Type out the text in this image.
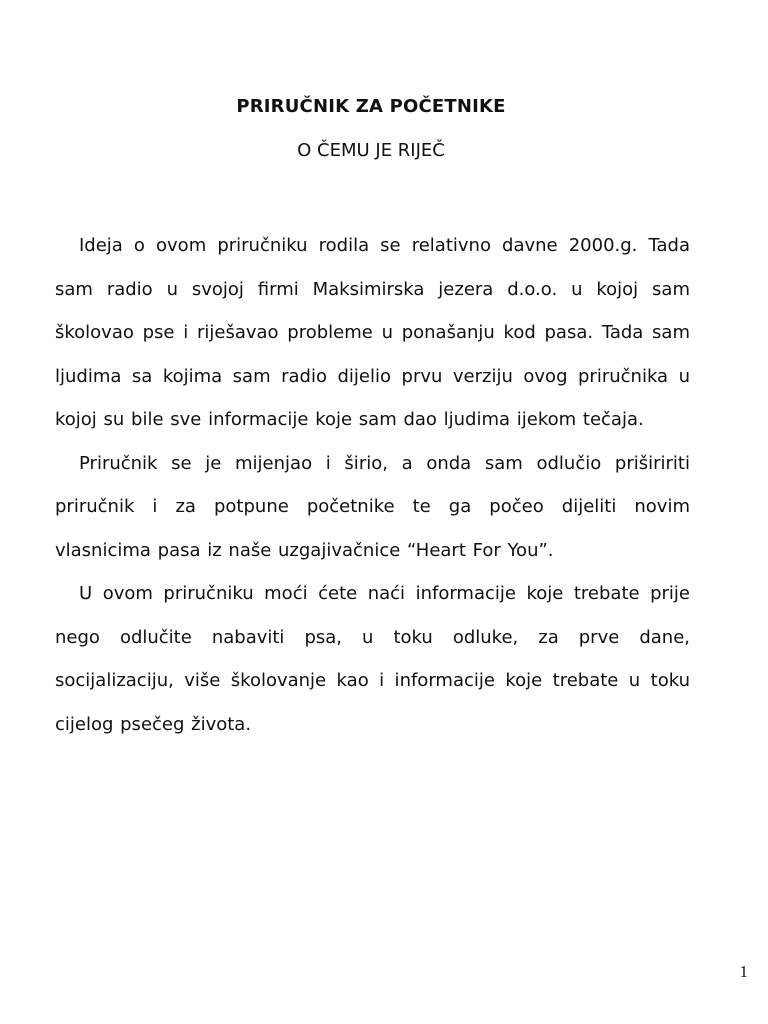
PRIRUČNIK ZA POČETNIKE
O ČEMU JE RIJEČ

Ideja o ovom priručniku rodila se relativno davne 2000.g. Tada sam radio u svojoj firmi Maksimirska jezera d.o.o. u kojoj sam školovao pse i riješavao probleme u ponašanju kod pasa. Tada sam ljudima sa kojima sam radio dijelio prvu verziju ovog priručnika u kojoj su bile sve informacije koje sam dao ljudima ijekom tečaja.

Priručnik se je mijenjao i širio, a onda sam odlučio prišiririti priručnik i za potpune početnike te ga počeo dijeliti novim vlasnicima pasa iz naše uzgajivačnice “Heart For You”.

U ovom priručniku moći ćete naći informacije koje trebate prije nego odlučite nabaviti psa, u toku odluke, za prve dane, socijalizaciju, više školovanje kao i informacije koje trebate u toku cijelog psečeg života.

1
